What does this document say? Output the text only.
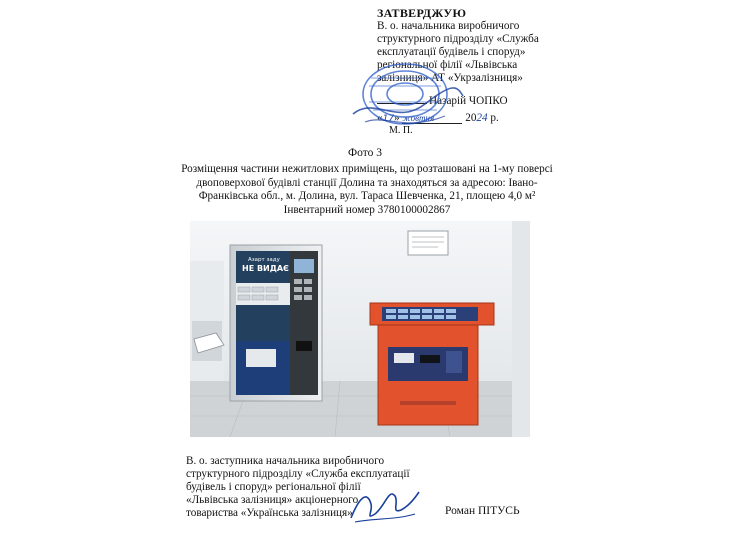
ЗАТВЕРДЖУЮ
В. о. начальника виробничого
структурного підрозділу «Служба
експлуатації будівель і споруд»
регіональної філії «Львівська
залізниця» АТ «Укрзалізниця»
Назарій ЧОПКО
«17» жовтня	2024 р.
М. П.
Фото 3
Розміщення частини нежитлових приміщень, що розташовані на 1-му поверсі
двоповерхової будівлі станції Долина та знаходяться за адресою: Івано-
Франківська обл., м. Долина, вул. Тараса Шевченка, 21, площею 4,0 м²
Інвентарний номер 3780100002867
Азарт заду
НЕ ВИДАЄ
В. о. заступника начальника виробничого
структурного підрозділу «Служба експлуатації
будівель і споруд» регіональної філії
«Львівська залізниця» акціонерного
товариства «Українська залізниця»	Роман ПІТУСЬ
